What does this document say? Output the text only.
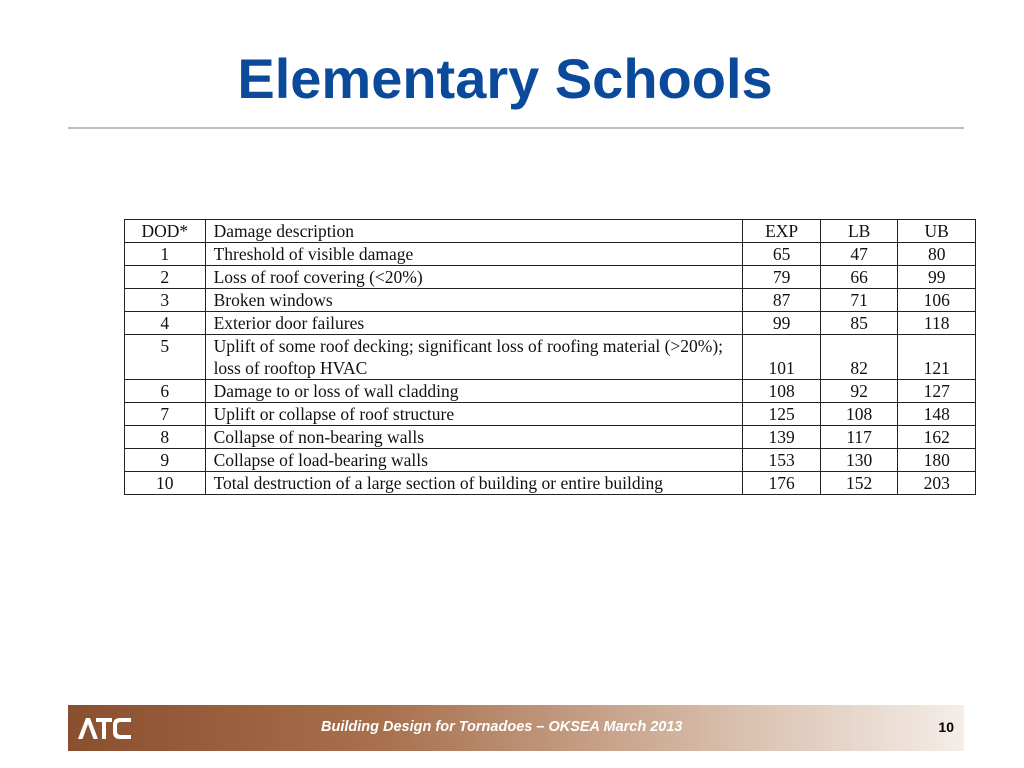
Elementary Schools
DOD*	Damage description	EXP	LB	UB
1	Threshold of visible damage	65	47	80
2	Loss of roof covering (<20%)	79	66	99
3	Broken windows	87	71	106
4	Exterior door failures	99	85	118
5	Uplift of some roof decking; significant loss of roofing material (>20%); loss of rooftop HVAC	101	82	121
6	Damage to or loss of wall cladding	108	92	127
7	Uplift or collapse of roof structure	125	108	148
8	Collapse of non-bearing walls	139	117	162
9	Collapse of load-bearing walls	153	130	180
10	Total destruction of a large section of building or entire building	176	152	203
Building Design for Tornadoes – OKSEA March 2013	10
